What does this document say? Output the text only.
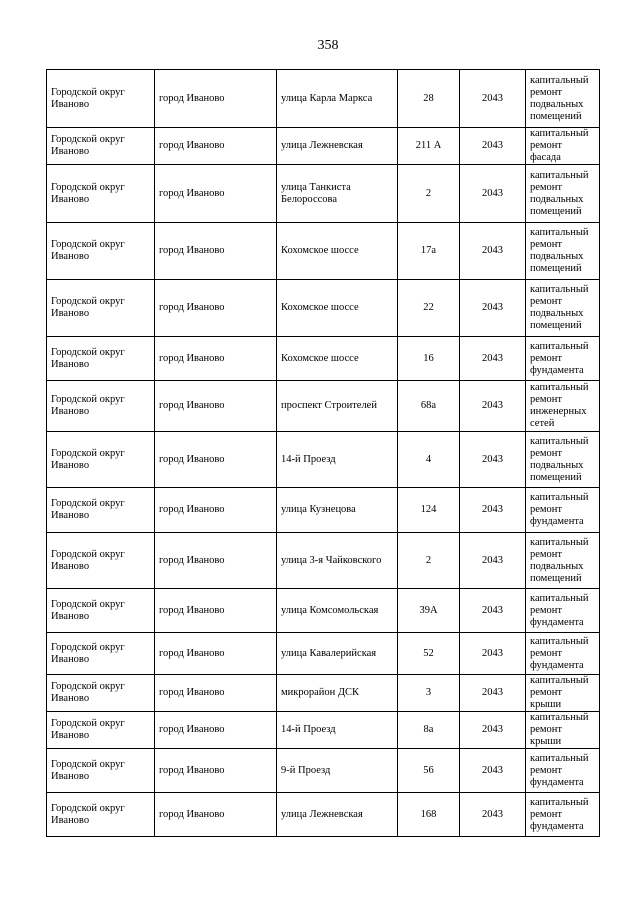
358
Городской округ Иваново	город Иваново	улица Карла Маркса	28	2043	капитальный ремонт подвальных помещений
Городской округ Иваново	город Иваново	улица Лежневская	211 А	2043	капитальный ремонт фасада
Городской округ Иваново	город Иваново	улица Танкиста Белороссова	2	2043	капитальный ремонт подвальных помещений
Городской округ Иваново	город Иваново	Кохомское шоссе	17а	2043	капитальный ремонт подвальных помещений
Городской округ Иваново	город Иваново	Кохомское шоссе	22	2043	капитальный ремонт подвальных помещений
Городской округ Иваново	город Иваново	Кохомское шоссе	16	2043	капитальный ремонт фундамента
Городской округ Иваново	город Иваново	проспект Строителей	68а	2043	капитальный ремонт инженерных сетей
Городской округ Иваново	город Иваново	14-й Проезд	4	2043	капитальный ремонт подвальных помещений
Городской округ Иваново	город Иваново	улица Кузнецова	124	2043	капитальный ремонт фундамента
Городской округ Иваново	город Иваново	улица 3-я Чайковского	2	2043	капитальный ремонт подвальных помещений
Городской округ Иваново	город Иваново	улица Комсомольская	39А	2043	капитальный ремонт фундамента
Городской округ Иваново	город Иваново	улица Кавалерийская	52	2043	капитальный ремонт фундамента
Городской округ Иваново	город Иваново	микрорайон ДСК	3	2043	капитальный ремонт крыши
Городской округ Иваново	город Иваново	14-й Проезд	8а	2043	капитальный ремонт крыши
Городской округ Иваново	город Иваново	9-й Проезд	56	2043	капитальный ремонт фундамента
Городской округ Иваново	город Иваново	улица Лежневская	168	2043	капитальный ремонт фундамента
